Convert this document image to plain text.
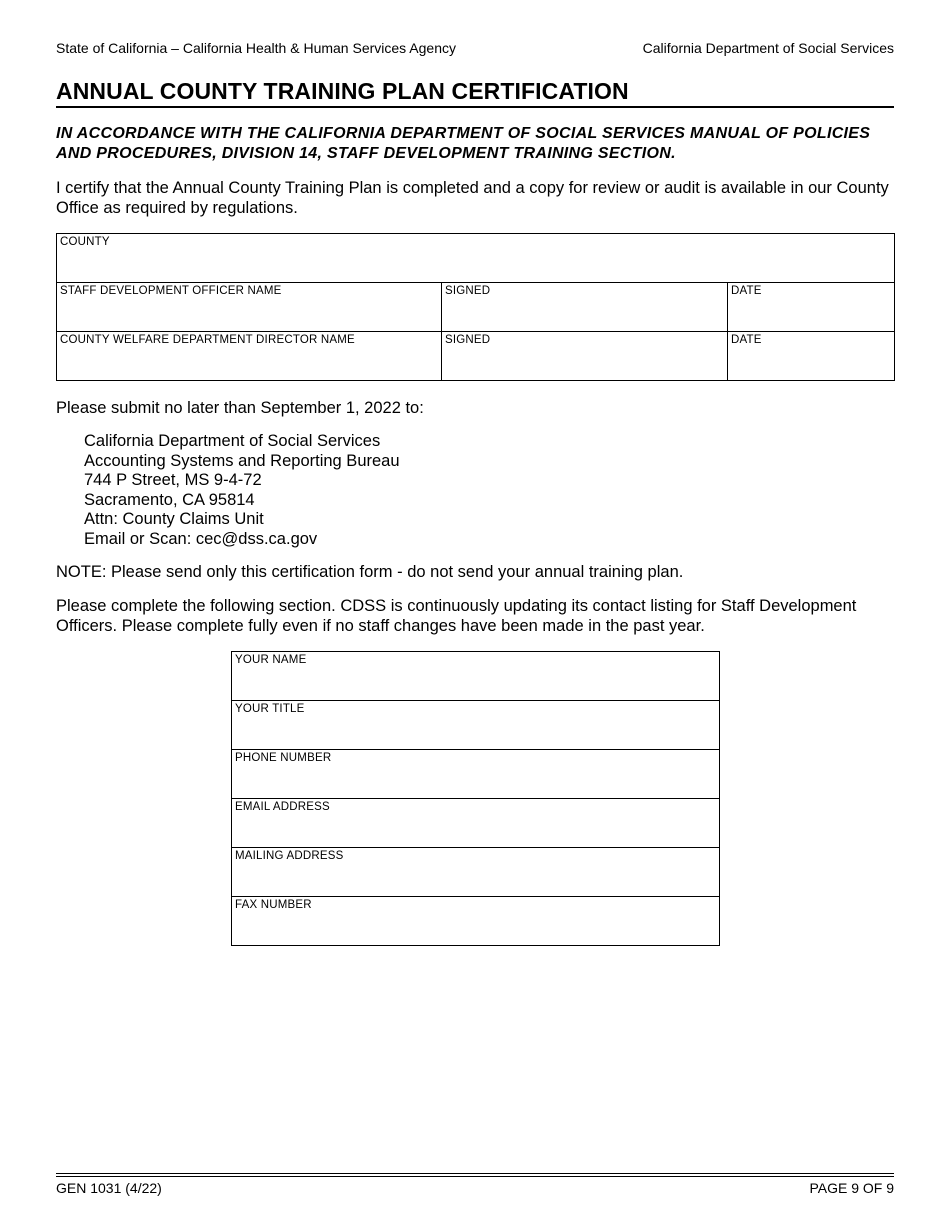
State of California – California Health & Human Services Agency	California Department of Social Services
ANNUAL COUNTY TRAINING PLAN CERTIFICATION
IN ACCORDANCE WITH THE CALIFORNIA DEPARTMENT OF SOCIAL SERVICES MANUAL OF POLICIES AND PROCEDURES, DIVISION 14, STAFF DEVELOPMENT TRAINING SECTION.
I certify that the Annual County Training Plan is completed and a copy for review or audit is available in our County Office as required by regulations.
COUNTY		

STAFF DEVELOPMENT OFFICER NAME	SIGNED	DATE

COUNTY WELFARE DEPARTMENT DIRECTOR NAME	SIGNED	DATE
Please submit no later than September 1, 2022 to:
California Department of Social Services
Accounting Systems and Reporting Bureau
744 P Street, MS 9-4-72
Sacramento, CA 95814
Attn: County Claims Unit
Email or Scan: cec@dss.ca.gov
NOTE: Please send only this certification form - do not send your annual training plan.
Please complete the following section. CDSS is continuously updating its contact listing for Staff Development Officers. Please complete fully even if no staff changes have been made in the past year.
YOUR NAME

YOUR TITLE

PHONE NUMBER

EMAIL ADDRESS

MAILING ADDRESS

FAX NUMBER
GEN 1031 (4/22)	PAGE 9 OF 9
